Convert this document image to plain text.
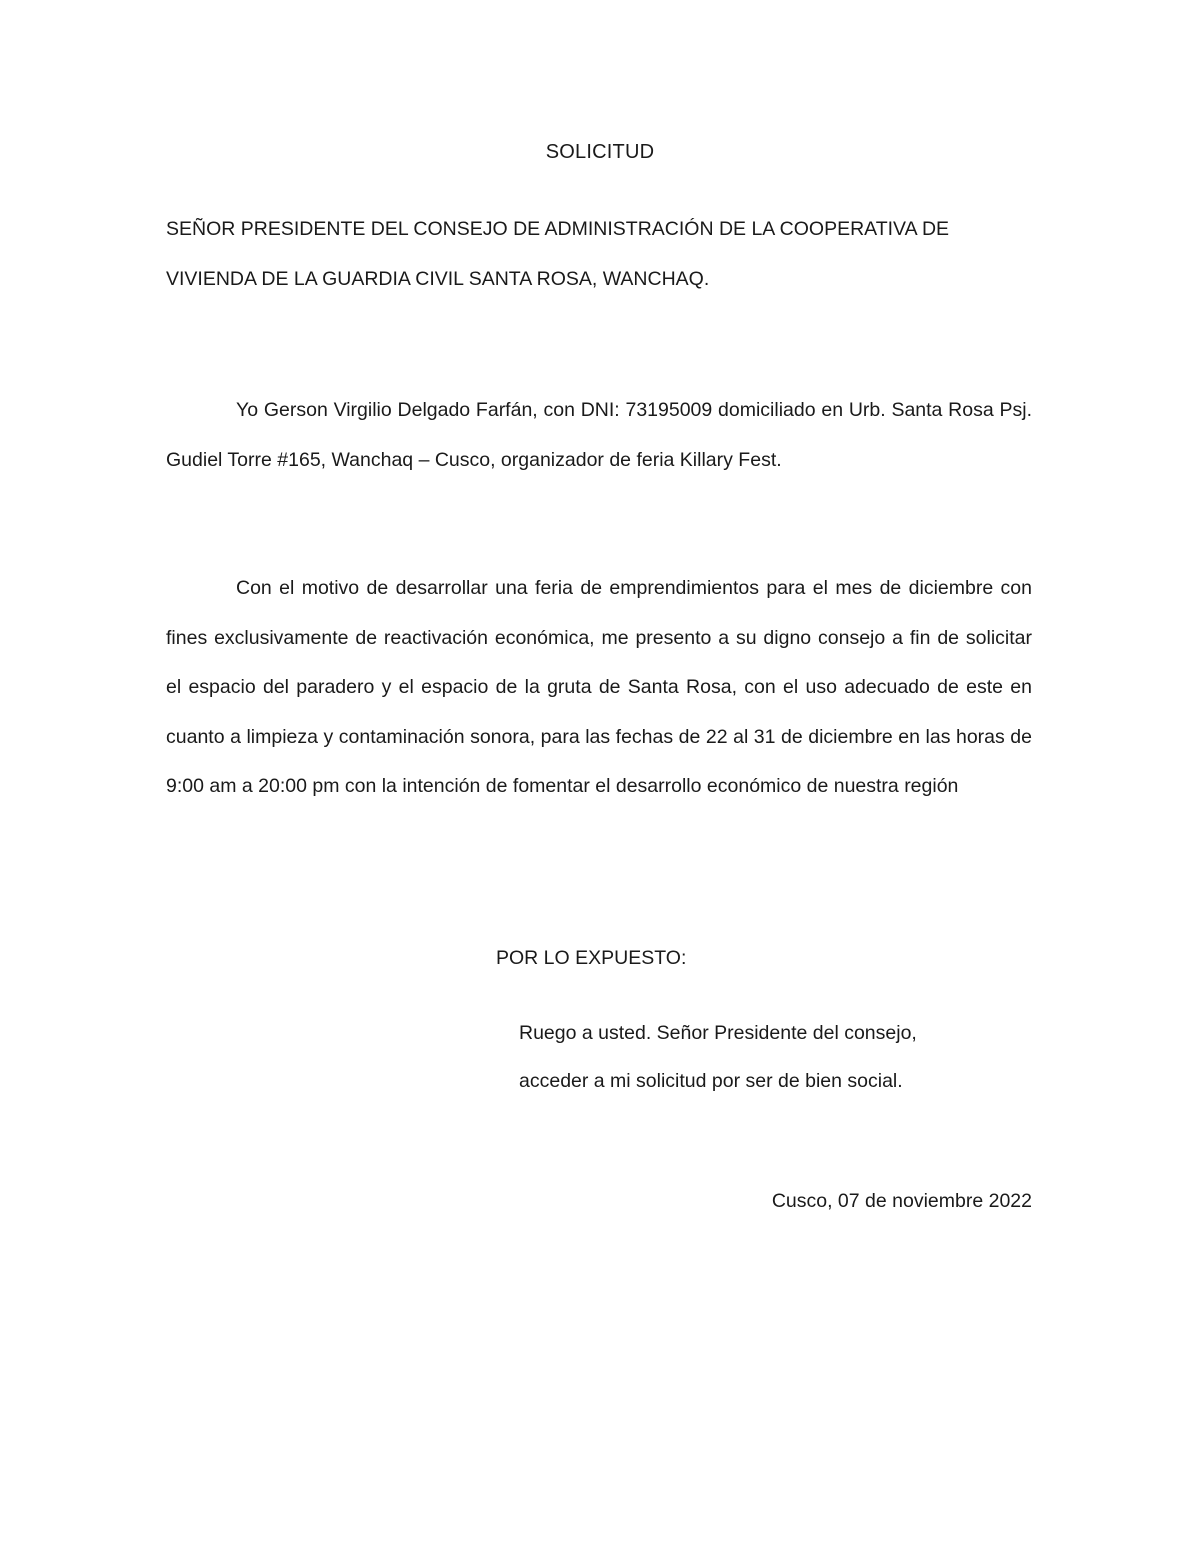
SOLICITUD
SEÑOR PRESIDENTE DEL CONSEJO DE ADMINISTRACIÓN DE LA COOPERATIVA DE
VIVIENDA DE LA GUARDIA CIVIL SANTA ROSA, WANCHAQ.
Yo Gerson Virgilio Delgado Farfán, con DNI: 73195009 domiciliado en Urb. Santa Rosa Psj. Gudiel Torre #165, Wanchaq – Cusco, organizador de feria Killary Fest.
Con el motivo de desarrollar una feria de emprendimientos para el mes de diciembre con fines exclusivamente de reactivación económica, me presento a su digno consejo a fin de solicitar el espacio del paradero y el espacio de la gruta de Santa Rosa, con el uso adecuado de este en cuanto a limpieza y contaminación sonora, para las fechas de 22 al 31 de diciembre en las horas de 9:00 am a 20:00 pm con la intención de fomentar el desarrollo económico de nuestra región
POR LO EXPUESTO:
Ruego a usted. Señor Presidente del consejo,
acceder a mi solicitud por ser de bien social.
Cusco, 07 de noviembre 2022
